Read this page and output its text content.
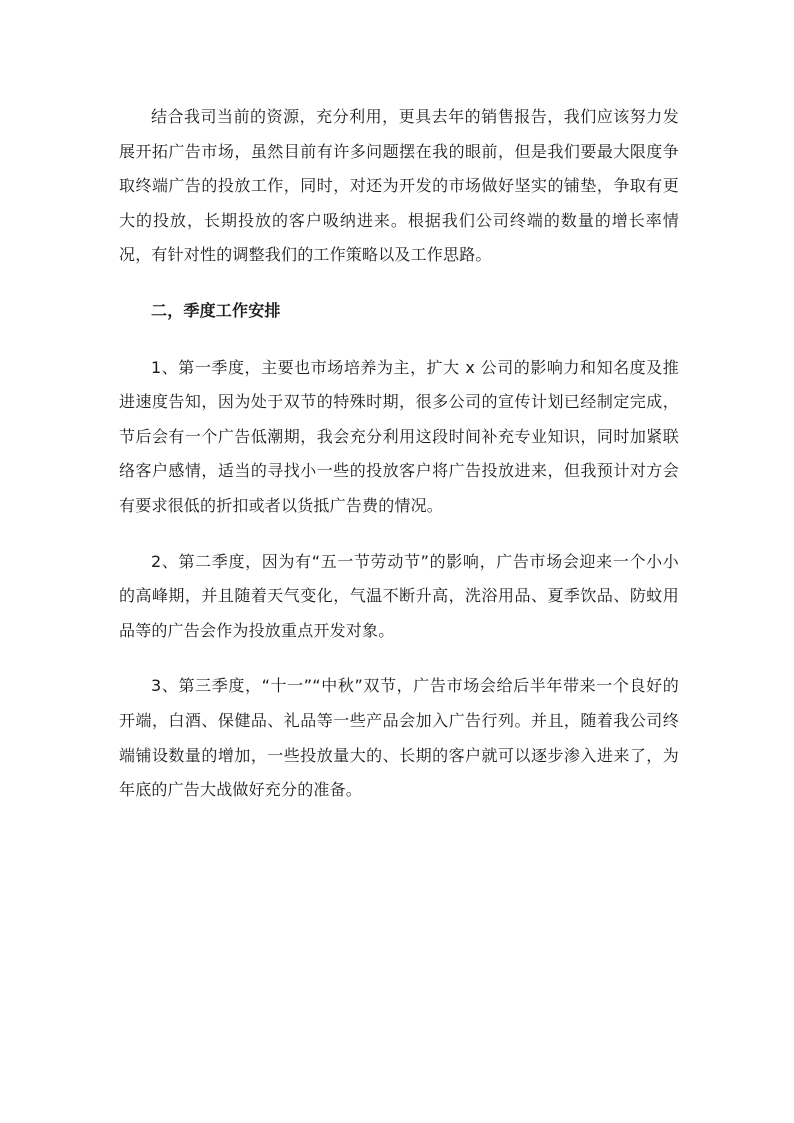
结合我司当前的资源，充分利用，更具去年的销售报告，我们应该努力发展开拓广告市场，虽然目前有许多问题摆在我的眼前，但是我们要最大限度争取终端广告的投放工作，同时，对还为开发的市场做好坚实的铺垫，争取有更大的投放，长期投放的客户吸纳进来。根据我们公司终端的数量的增长率情况，有针对性的调整我们的工作策略以及工作思路。

二，季度工作安排

1、第一季度，主要也市场培养为主，扩大 x 公司的影响力和知名度及推进速度告知，因为处于双节的特殊时期，很多公司的宣传计划已经制定完成，节后会有一个广告低潮期，我会充分利用这段时间补充专业知识，同时加紧联络客户感情，适当的寻找小一些的投放客户将广告投放进来，但我预计对方会有要求很低的折扣或者以货抵广告费的情况。

2、第二季度，因为有“五一节劳动节”的影响，广告市场会迎来一个小小的高峰期，并且随着天气变化，气温不断升高，洗浴用品、夏季饮品、防蚊用品等的广告会作为投放重点开发对象。

3、第三季度，“十一”“中秋”双节，广告市场会给后半年带来一个良好的开端，白酒、保健品、礼品等一些产品会加入广告行列。并且，随着我公司终端铺设数量的增加，一些投放量大的、长期的客户就可以逐步渗入进来了，为年底的广告大战做好充分的准备。
